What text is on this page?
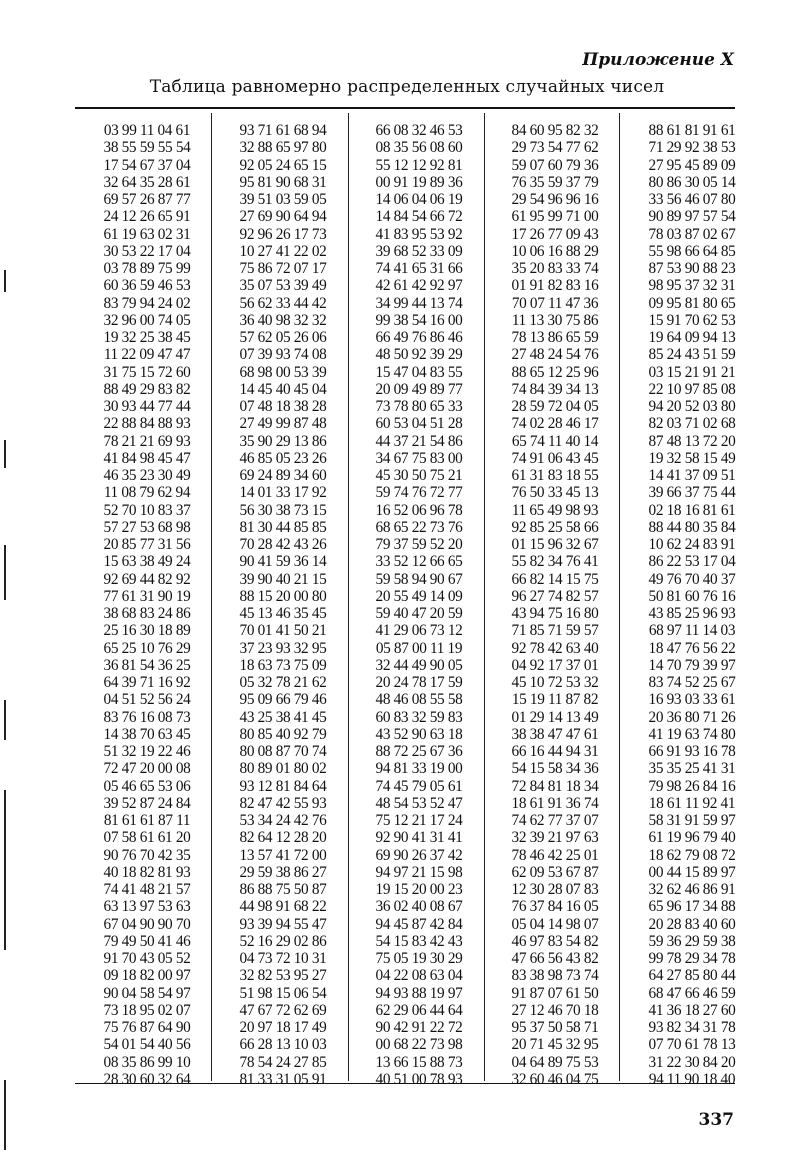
Приложение X
Таблица равномерно распределенных случайных чисел
03 99 11 04 61
38 55 59 55 54
17 54 67 37 04
32 64 35 28 61
69 57 26 87 77
24 12 26 65 91
61 19 63 02 31
30 53 22 17 04
03 78 89 75 99
60 36 59 46 53
83 79 94 24 02
32 96 00 74 05
19 32 25 38 45
11 22 09 47 47
31 75 15 72 60
88 49 29 83 82
30 93 44 77 44
22 88 84 88 93
78 21 21 69 93
41 84 98 45 47
46 35 23 30 49
11 08 79 62 94
52 70 10 83 37
57 27 53 68 98
20 85 77 31 56
15 63 38 49 24
92 69 44 82 92
77 61 31 90 19
38 68 83 24 86
25 16 30 18 89
65 25 10 76 29
36 81 54 36 25
64 39 71 16 92
04 51 52 56 24
83 76 16 08 73
14 38 70 63 45
51 32 19 22 46
72 47 20 00 08
05 46 65 53 06
39 52 87 24 84
81 61 61 87 11
07 58 61 61 20
90 76 70 42 35
40 18 82 81 93
74 41 48 21 57
63 13 97 53 63
67 04 90 90 70
79 49 50 41 46
91 70 43 05 52
09 18 82 00 97
90 04 58 54 97
73 18 95 02 07
75 76 87 64 90
54 01 54 40 56
08 35 86 99 10
28 30 60 32 64
93 71 61 68 94
32 88 65 97 80
92 05 24 65 15
95 81 90 68 31
39 51 03 59 05
27 69 90 64 94
92 96 26 17 73
10 27 41 22 02
75 86 72 07 17
35 07 53 39 49
56 62 33 44 42
36 40 98 32 32
57 62 05 26 06
07 39 93 74 08
68 98 00 53 39
14 45 40 45 04
07 48 18 38 28
27 49 99 87 48
35 90 29 13 86
46 85 05 23 26
69 24 89 34 60
14 01 33 17 92
56 30 38 73 15
81 30 44 85 85
70 28 42 43 26
90 41 59 36 14
39 90 40 21 15
88 15 20 00 80
45 13 46 35 45
70 01 41 50 21
37 23 93 32 95
18 63 73 75 09
05 32 78 21 62
95 09 66 79 46
43 25 38 41 45
80 85 40 92 79
80 08 87 70 74
80 89 01 80 02
93 12 81 84 64
82 47 42 55 93
53 34 24 42 76
82 64 12 28 20
13 57 41 72 00
29 59 38 86 27
86 88 75 50 87
44 98 91 68 22
93 39 94 55 47
52 16 29 02 86
04 73 72 10 31
32 82 53 95 27
51 98 15 06 54
47 67 72 62 69
20 97 18 17 49
66 28 13 10 03
78 54 24 27 85
81 33 31 05 91
66 08 32 46 53
08 35 56 08 60
55 12 12 92 81
00 91 19 89 36
14 06 04 06 19
14 84 54 66 72
41 83 95 53 92
39 68 52 33 09
74 41 65 31 66
42 61 42 92 97
34 99 44 13 74
99 38 54 16 00
66 49 76 86 46
48 50 92 39 29
15 47 04 83 55
20 09 49 89 77
73 78 80 65 33
60 53 04 51 28
44 37 21 54 86
34 67 75 83 00
45 30 50 75 21
59 74 76 72 77
16 52 06 96 78
68 65 22 73 76
79 37 59 52 20
33 52 12 66 65
59 58 94 90 67
20 55 49 14 09
59 40 47 20 59
41 29 06 73 12
05 87 00 11 19
32 44 49 90 05
20 24 78 17 59
48 46 08 55 58
60 83 32 59 83
43 52 90 63 18
88 72 25 67 36
94 81 33 19 00
74 45 79 05 61
48 54 53 52 47
75 12 21 17 24
92 90 41 31 41
69 90 26 37 42
94 97 21 15 98
19 15 20 00 23
36 02 40 08 67
94 45 87 42 84
54 15 83 42 43
75 05 19 30 29
04 22 08 63 04
94 93 88 19 97
62 29 06 44 64
90 42 91 22 72
00 68 22 73 98
13 66 15 88 73
40 51 00 78 93
84 60 95 82 32
29 73 54 77 62
59 07 60 79 36
76 35 59 37 79
29 54 96 96 16
61 95 99 71 00
17 26 77 09 43
10 06 16 88 29
35 20 83 33 74
01 91 82 83 16
70 07 11 47 36
11 13 30 75 86
78 13 86 65 59
27 48 24 54 76
88 65 12 25 96
74 84 39 34 13
28 59 72 04 05
74 02 28 46 17
65 74 11 40 14
74 91 06 43 45
61 31 83 18 55
76 50 33 45 13
11 65 49 98 93
92 85 25 58 66
01 15 96 32 67
55 82 34 76 41
66 82 14 15 75
96 27 74 82 57
43 94 75 16 80
71 85 71 59 57
92 78 42 63 40
04 92 17 37 01
45 10 72 53 32
15 19 11 87 82
01 29 14 13 49
38 38 47 47 61
66 16 44 94 31
54 15 58 34 36
72 84 81 18 34
18 61 91 36 74
74 62 77 37 07
32 39 21 97 63
78 46 42 25 01
62 09 53 67 87
12 30 28 07 83
76 37 84 16 05
05 04 14 98 07
46 97 83 54 82
47 66 56 43 82
83 38 98 73 74
91 87 07 61 50
27 12 46 70 18
95 37 50 58 71
20 71 45 32 95
04 64 89 75 53
32 60 46 04 75
88 61 81 91 61
71 29 92 38 53
27 95 45 89 09
80 86 30 05 14
33 56 46 07 80
90 89 97 57 54
78 03 87 02 67
55 98 66 64 85
87 53 90 88 23
98 95 37 32 31
09 95 81 80 65
15 91 70 62 53
19 64 09 94 13
85 24 43 51 59
03 15 21 91 21
22 10 97 85 08
94 20 52 03 80
82 03 71 02 68
87 48 13 72 20
19 32 58 15 49
14 41 37 09 51
39 66 37 75 44
02 18 16 81 61
88 44 80 35 84
10 62 24 83 91
86 22 53 17 04
49 76 70 40 37
50 81 60 76 16
43 85 25 96 93
68 97 11 14 03
18 47 76 56 22
14 70 79 39 97
83 74 52 25 67
16 93 03 33 61
20 36 80 71 26
41 19 63 74 80
66 91 93 16 78
35 35 25 41 31
79 98 26 84 16
18 61 11 92 41
58 31 91 59 97
61 19 96 79 40
18 62 79 08 72
00 44 15 89 97
32 62 46 86 91
65 96 17 34 88
20 28 83 40 60
59 36 29 59 38
99 78 29 34 78
64 27 85 80 44
68 47 66 46 59
41 36 18 27 60
93 82 34 31 78
07 70 61 78 13
31 22 30 84 20
94 11 90 18 40
337
